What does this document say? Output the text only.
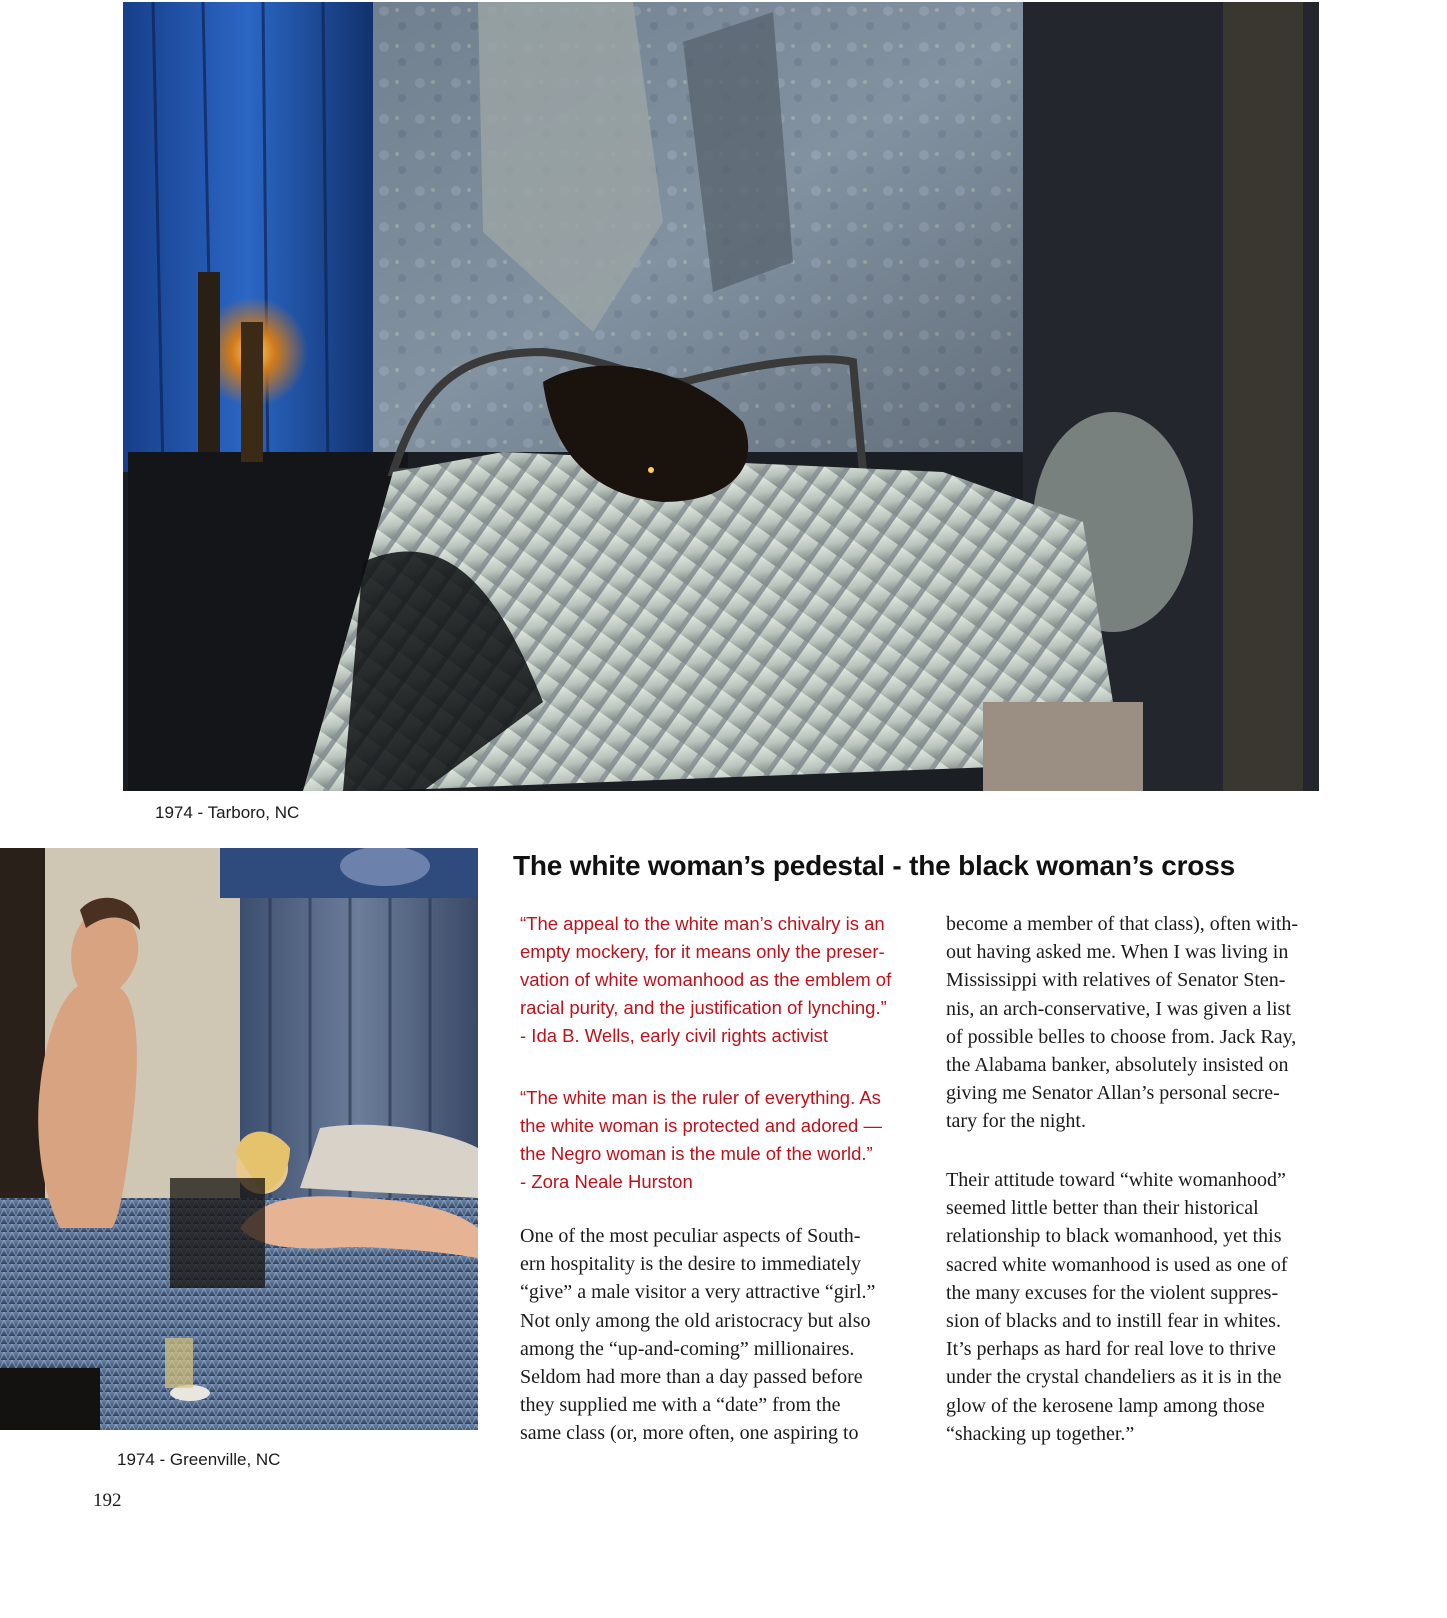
1974 - Tarboro, NC
1974 - Greenville, NC
192
The white woman’s pedestal - the black woman’s cross
“The appeal to the white man’s chivalry is an
empty mockery, for it means only the preser-
vation of white womanhood as the emblem of
racial purity, and the justification of lynching.”
- Ida B. Wells, early civil rights activist
“The white man is the ruler of everything. As
the white woman is protected and adored —
the Negro woman is the mule of the world.”
- Zora Neale Hurston
One of the most peculiar aspects of South-
ern hospitality is the desire to immediately
“give” a male visitor a very attractive “girl.”
Not only among the old aristocracy but also
among the “up-and-coming” millionaires.
Seldom had more than a day passed before
they supplied me with a “date” from the
same class (or, more often, one aspiring to
become a member of that class), often with-
out having asked me. When I was living in
Mississippi with relatives of Senator Sten-
nis, an arch-conservative, I was given a list
of possible belles to choose from. Jack Ray,
the Alabama banker, absolutely insisted on
giving me Senator Allan’s personal secre-
tary for the night.
Their attitude toward “white womanhood”
seemed little better than their historical
relationship to black womanhood, yet this
sacred white womanhood is used as one of
the many excuses for the violent suppres-
sion of blacks and to instill fear in whites.
It’s perhaps as hard for real love to thrive
under the crystal chandeliers as it is in the
glow of the kerosene lamp among those
“shacking up together.”
